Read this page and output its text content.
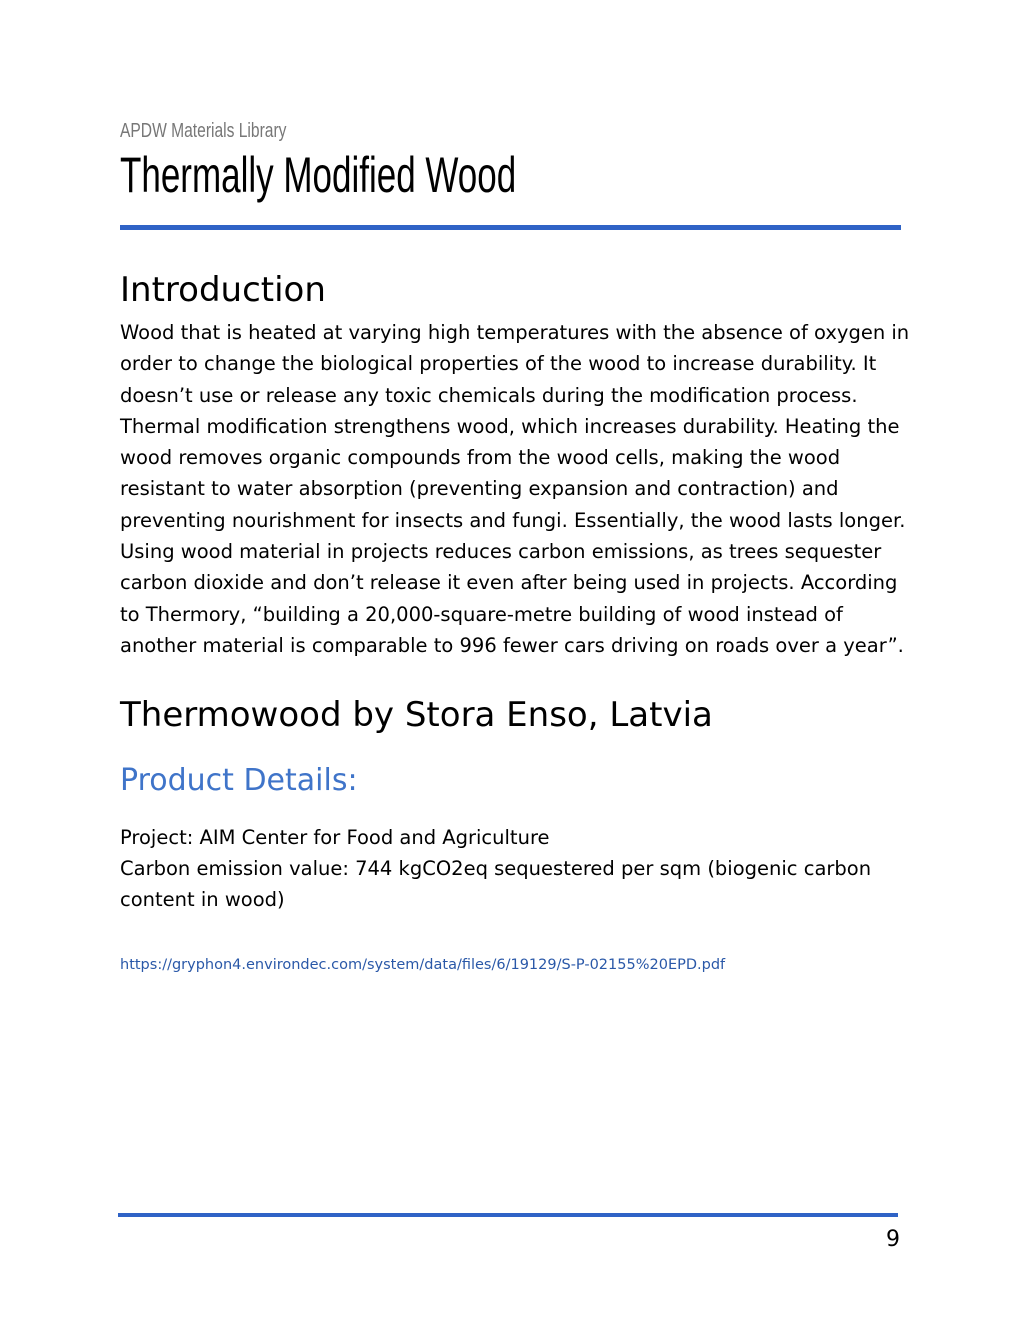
APDW Materials Library
Thermally Modified Wood
Introduction

Wood that is heated at varying high temperatures with the absence of oxygen in order to change the biological properties of the wood to increase durability. It doesn’t use or release any toxic chemicals during the modification process. Thermal modification strengthens wood, which increases durability. Heating the wood removes organic compounds from the wood cells, making the wood resistant to water absorption (preventing expansion and contraction) and preventing nourishment for insects and fungi. Essentially, the wood lasts longer. Using wood material in projects reduces carbon emissions, as trees sequester carbon dioxide and don’t release it even after being used in projects. According to Thermory, “building a 20,000-square-metre building of wood instead of another material is comparable to 996 fewer cars driving on roads over a year”.

Thermowood by Stora Enso, Latvia
Product Details:

Project: AIM Center for Food and Agriculture

Carbon emission value: 744 kgCO2eq sequestered per sqm (biogenic carbon content in wood)

https://gryphon4.environdec.com/system/data/files/6/19129/S-P-02155%20EPD.pdf
9
